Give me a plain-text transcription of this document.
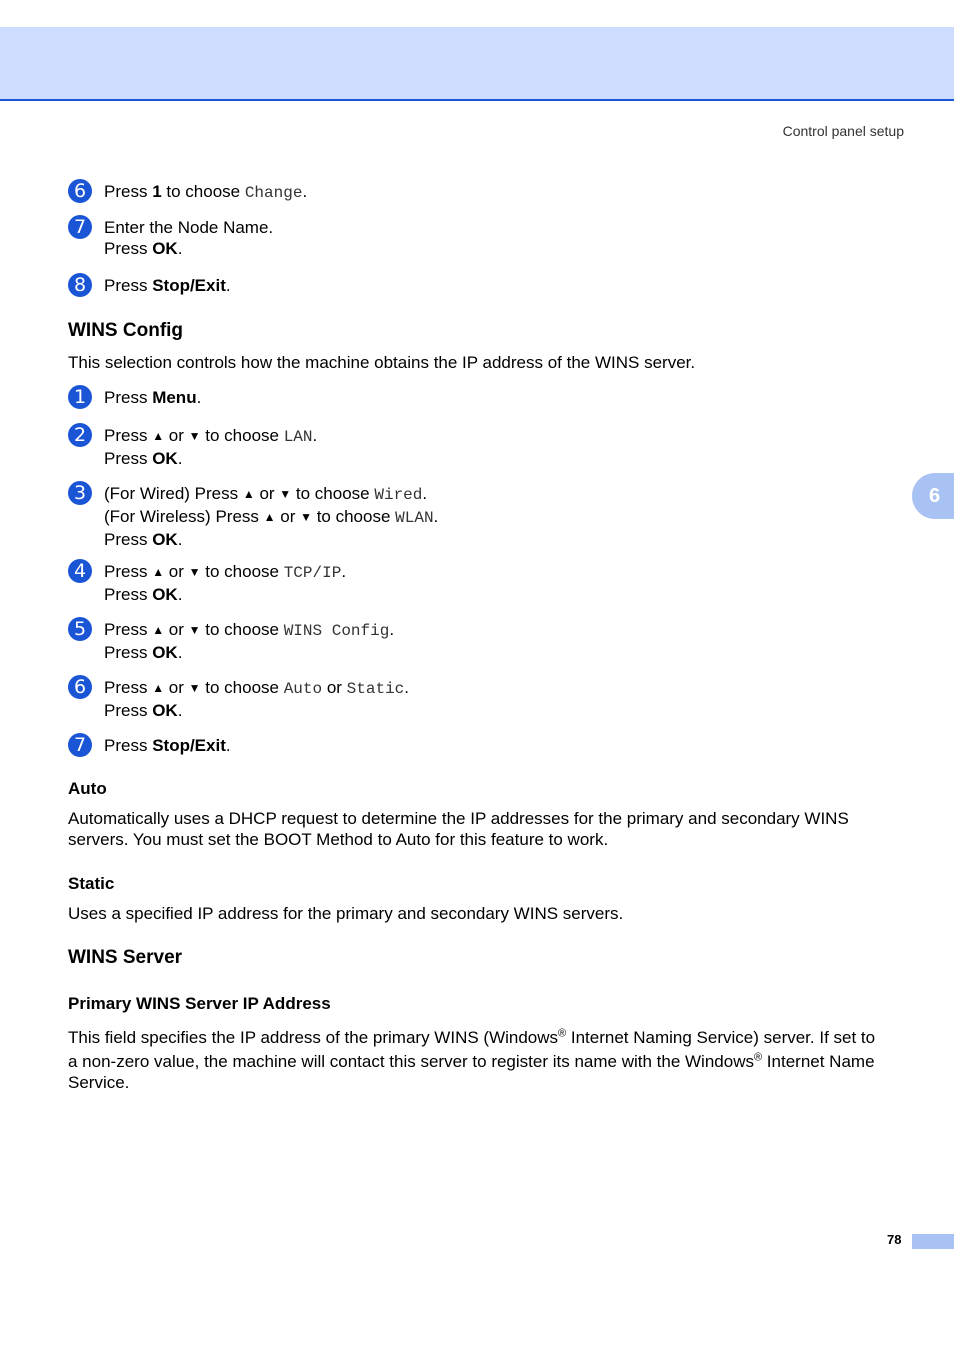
Control panel setup
6
6	Press 1 to choose Change.
7	Enter the Node Name.
Press OK.
8	Press Stop/Exit.
WINS Config
This selection controls how the machine obtains the IP address of the WINS server.
1	Press Menu.
2	Press ▲ or ▼ to choose LAN.
Press OK.
3	(For Wired) Press ▲ or ▼ to choose Wired.
(For Wireless) Press ▲ or ▼ to choose WLAN.
Press OK.
4	Press ▲ or ▼ to choose TCP/IP.
Press OK.
5	Press ▲ or ▼ to choose WINS Config.
Press OK.
6	Press ▲ or ▼ to choose Auto or Static.
Press OK.
7	Press Stop/Exit.
Auto
Automatically uses a DHCP request to determine the IP addresses for the primary and secondary WINS
servers. You must set the BOOT Method to Auto for this feature to work.
Static
Uses a specified IP address for the primary and secondary WINS servers.
WINS Server
Primary WINS Server IP Address
This field specifies the IP address of the primary WINS (Windows® Internet Naming Service) server. If set to
a non-zero value, the machine will contact this server to register its name with the Windows® Internet Name
Service.
78
